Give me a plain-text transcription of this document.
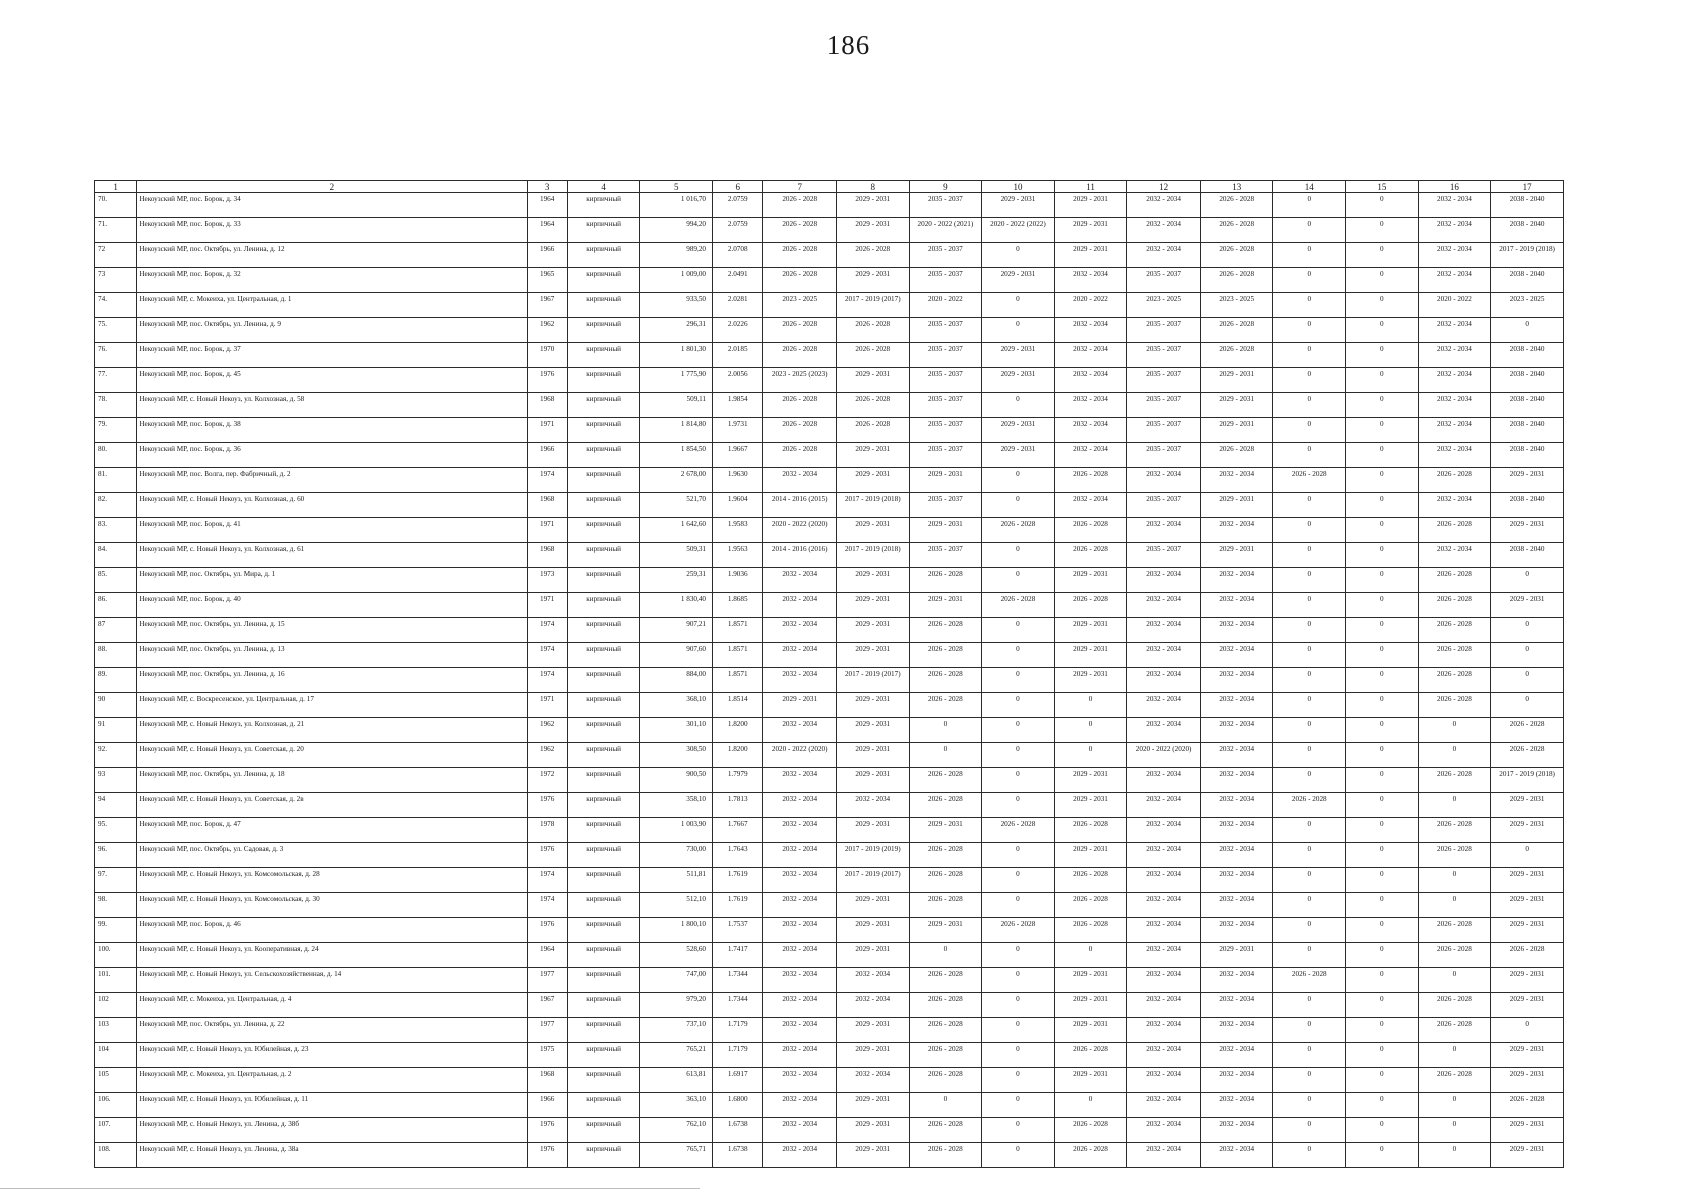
186
1	2	3	4	5	6	7	8	9	10	11	12	13	14	15	16	17
70.	Некоузский МР, пос. Борок, д. 34	1964	кирпичный	1 016,70	2.0759	2026 - 2028	2029 - 2031	2035 - 2037	2029 - 2031	2029 - 2031	2032 - 2034	2026 - 2028	0	0	2032 - 2034	2038 - 2040
71.	Некоузский МР, пос. Борок, д. 33	1964	кирпичный	994,20	2.0759	2026 - 2028	2029 - 2031	2020 - 2022 (2021)	2020 - 2022 (2022)	2029 - 2031	2032 - 2034	2026 - 2028	0	0	2032 - 2034	2038 - 2040
72	Некоузский МР, пос. Октябрь, ул. Ленина, д. 12	1966	кирпичный	989,20	2.0708	2026 - 2028	2026 - 2028	2035 - 2037	0	2029 - 2031	2032 - 2034	2026 - 2028	0	0	2032 - 2034	2017 - 2019 (2018)
73	Некоузский МР, пос. Борок, д. 32	1965	кирпичный	1 009,00	2.0491	2026 - 2028	2029 - 2031	2035 - 2037	2029 - 2031	2032 - 2034	2035 - 2037	2026 - 2028	0	0	2032 - 2034	2038 - 2040
74.	Некоузский МР, с. Мокеиха, ул. Центральная, д. 1	1967	кирпичный	933,50	2.0281	2023 - 2025	2017 - 2019 (2017)	2020 - 2022	0	2020 - 2022	2023 - 2025	2023 - 2025	0	0	2020 - 2022	2023 - 2025
75.	Некоузский МР, пос. Октябрь, ул. Ленина, д. 9	1962	кирпичный	296,31	2.0226	2026 - 2028	2026 - 2028	2035 - 2037	0	2032 - 2034	2035 - 2037	2026 - 2028	0	0	2032 - 2034	0
76.	Некоузский МР, пос. Борок, д. 37	1970	кирпичный	1 801,30	2.0185	2026 - 2028	2026 - 2028	2035 - 2037	2029 - 2031	2032 - 2034	2035 - 2037	2026 - 2028	0	0	2032 - 2034	2038 - 2040
77.	Некоузский МР, пос. Борок, д. 45	1976	кирпичный	1 775,90	2.0056	2023 - 2025 (2023)	2029 - 2031	2035 - 2037	2029 - 2031	2032 - 2034	2035 - 2037	2029 - 2031	0	0	2032 - 2034	2038 - 2040
78.	Некоузский МР, с. Новый Некоуз, ул. Колхозная, д. 58	1968	кирпичный	509,11	1.9854	2026 - 2028	2026 - 2028	2035 - 2037	0	2032 - 2034	2035 - 2037	2029 - 2031	0	0	2032 - 2034	2038 - 2040
79.	Некоузский МР, пос. Борок, д. 38	1971	кирпичный	1 814,80	1.9731	2026 - 2028	2026 - 2028	2035 - 2037	2029 - 2031	2032 - 2034	2035 - 2037	2029 - 2031	0	0	2032 - 2034	2038 - 2040
80.	Некоузский МР, пос. Борок, д. 36	1966	кирпичный	1 854,50	1.9667	2026 - 2028	2029 - 2031	2035 - 2037	2029 - 2031	2032 - 2034	2035 - 2037	2026 - 2028	0	0	2032 - 2034	2038 - 2040
81.	Некоузский МР, пос. Волга, пер. Фабричный, д. 2	1974	кирпичный	2 678,00	1.9630	2032 - 2034	2029 - 2031	2029 - 2031	0	2026 - 2028	2032 - 2034	2032 - 2034	2026 - 2028	0	2026 - 2028	2029 - 2031
82.	Некоузский МР, с. Новый Некоуз, ул. Колхозная, д. 60	1968	кирпичный	521,70	1.9604	2014 - 2016 (2015)	2017 - 2019 (2018)	2035 - 2037	0	2032 - 2034	2035 - 2037	2029 - 2031	0	0	2032 - 2034	2038 - 2040
83.	Некоузский МР, пос. Борок, д. 41	1971	кирпичный	1 642,60	1.9583	2020 - 2022 (2020)	2029 - 2031	2029 - 2031	2026 - 2028	2026 - 2028	2032 - 2034	2032 - 2034	0	0	2026 - 2028	2029 - 2031
84.	Некоузский МР, с. Новый Некоуз, ул. Колхозная, д. 61	1968	кирпичный	509,31	1.9563	2014 - 2016 (2016)	2017 - 2019 (2018)	2035 - 2037	0	2026 - 2028	2035 - 2037	2029 - 2031	0	0	2032 - 2034	2038 - 2040
85.	Некоузский МР, пос. Октябрь, ул. Мира, д. 1	1973	кирпичный	259,31	1.9036	2032 - 2034	2029 - 2031	2026 - 2028	0	2029 - 2031	2032 - 2034	2032 - 2034	0	0	2026 - 2028	0
86.	Некоузский МР, пос. Борок, д. 40	1971	кирпичный	1 830,40	1.8685	2032 - 2034	2029 - 2031	2029 - 2031	2026 - 2028	2026 - 2028	2032 - 2034	2032 - 2034	0	0	2026 - 2028	2029 - 2031
87	Некоузский МР, пос. Октябрь, ул. Ленина, д. 15	1974	кирпичный	907,21	1.8571	2032 - 2034	2029 - 2031	2026 - 2028	0	2029 - 2031	2032 - 2034	2032 - 2034	0	0	2026 - 2028	0
88.	Некоузский МР, пос. Октябрь, ул. Ленина, д. 13	1974	кирпичный	907,60	1.8571	2032 - 2034	2029 - 2031	2026 - 2028	0	2029 - 2031	2032 - 2034	2032 - 2034	0	0	2026 - 2028	0
89.	Некоузский МР, пос. Октябрь, ул. Ленина, д. 16	1974	кирпичный	884,00	1.8571	2032 - 2034	2017 - 2019 (2017)	2026 - 2028	0	2029 - 2031	2032 - 2034	2032 - 2034	0	0	2026 - 2028	0
90	Некоузский МР, с. Воскресенское, ул. Центральная, д. 17	1971	кирпичный	368,10	1.8514	2029 - 2031	2029 - 2031	2026 - 2028	0	0	2032 - 2034	2032 - 2034	0	0	2026 - 2028	0
91	Некоузский МР, с. Новый Некоуз, ул. Колхозная, д. 21	1962	кирпичный	301,10	1.8200	2032 - 2034	2029 - 2031	0	0	0	2032 - 2034	2032 - 2034	0	0	0	2026 - 2028
92.	Некоузский МР, с. Новый Некоуз, ул. Советская, д. 20	1962	кирпичный	308,50	1.8200	2020 - 2022 (2020)	2029 - 2031	0	0	0	2020 - 2022 (2020)	2032 - 2034	0	0	0	2026 - 2028
93	Некоузский МР, пос. Октябрь, ул. Ленина, д. 18	1972	кирпичный	900,50	1.7979	2032 - 2034	2029 - 2031	2026 - 2028	0	2029 - 2031	2032 - 2034	2032 - 2034	0	0	2026 - 2028	2017 - 2019 (2018)
94	Некоузский МР, с. Новый Некоуз, ул. Советская, д. 2в	1976	кирпичный	358,10	1.7813	2032 - 2034	2032 - 2034	2026 - 2028	0	2029 - 2031	2032 - 2034	2032 - 2034	2026 - 2028	0	0	2029 - 2031
95.	Некоузский МР, пос. Борок, д. 47	1978	кирпичный	1 003,90	1.7667	2032 - 2034	2029 - 2031	2029 - 2031	2026 - 2028	2026 - 2028	2032 - 2034	2032 - 2034	0	0	2026 - 2028	2029 - 2031
96.	Некоузский МР, пос. Октябрь, ул. Садовая, д. 3	1976	кирпичный	730,00	1.7643	2032 - 2034	2017 - 2019 (2019)	2026 - 2028	0	2029 - 2031	2032 - 2034	2032 - 2034	0	0	2026 - 2028	0
97.	Некоузский МР, с. Новый Некоуз, ул. Комсомольская, д. 28	1974	кирпичный	511,81	1.7619	2032 - 2034	2017 - 2019 (2017)	2026 - 2028	0	2026 - 2028	2032 - 2034	2032 - 2034	0	0	0	2029 - 2031
98.	Некоузский МР, с. Новый Некоуз, ул. Комсомольская, д. 30	1974	кирпичный	512,10	1.7619	2032 - 2034	2029 - 2031	2026 - 2028	0	2026 - 2028	2032 - 2034	2032 - 2034	0	0	0	2029 - 2031
99.	Некоузский МР, пос. Борок, д. 46	1976	кирпичный	1 800,10	1.7537	2032 - 2034	2029 - 2031	2029 - 2031	2026 - 2028	2026 - 2028	2032 - 2034	2032 - 2034	0	0	2026 - 2028	2029 - 2031
100.	Некоузский МР, с. Новый Некоуз, ул. Кооперативная, д. 24	1964	кирпичный	528,60	1.7417	2032 - 2034	2029 - 2031	0	0	0	2032 - 2034	2029 - 2031	0	0	2026 - 2028	2026 - 2028
101.	Некоузский МР, с. Новый Некоуз, ул. Сельскохозяйственная, д. 14	1977	кирпичный	747,00	1.7344	2032 - 2034	2032 - 2034	2026 - 2028	0	2029 - 2031	2032 - 2034	2032 - 2034	2026 - 2028	0	0	2029 - 2031
102	Некоузский МР, с. Мокеиха, ул. Центральная, д. 4	1967	кирпичный	979,20	1.7344	2032 - 2034	2032 - 2034	2026 - 2028	0	2029 - 2031	2032 - 2034	2032 - 2034	0	0	2026 - 2028	2029 - 2031
103	Некоузский МР, пос. Октябрь, ул. Ленина, д. 22	1977	кирпичный	737,10	1.7179	2032 - 2034	2029 - 2031	2026 - 2028	0	2029 - 2031	2032 - 2034	2032 - 2034	0	0	2026 - 2028	0
104	Некоузский МР, с. Новый Некоуз, ул. Юбилейная, д. 23	1975	кирпичный	765,21	1.7179	2032 - 2034	2029 - 2031	2026 - 2028	0	2026 - 2028	2032 - 2034	2032 - 2034	0	0	0	2029 - 2031
105	Некоузский МР, с. Мокеиха, ул. Центральная, д. 2	1968	кирпичный	613,81	1.6917	2032 - 2034	2032 - 2034	2026 - 2028	0	2029 - 2031	2032 - 2034	2032 - 2034	0	0	2026 - 2028	2029 - 2031
106.	Некоузский МР, с. Новый Некоуз, ул. Юбилейная, д. 11	1966	кирпичный	363,10	1.6800	2032 - 2034	2029 - 2031	0	0	0	2032 - 2034	2032 - 2034	0	0	0	2026 - 2028
107.	Некоузский МР, с. Новый Некоуз, ул. Ленина, д. 38б	1976	кирпичный	762,10	1.6738	2032 - 2034	2029 - 2031	2026 - 2028	0	2026 - 2028	2032 - 2034	2032 - 2034	0	0	0	2029 - 2031
108.	Некоузский МР, с. Новый Некоуз, ул. Ленина, д. 38а	1976	кирпичный	765,71	1.6738	2032 - 2034	2029 - 2031	2026 - 2028	0	2026 - 2028	2032 - 2034	2032 - 2034	0	0	0	2029 - 2031
